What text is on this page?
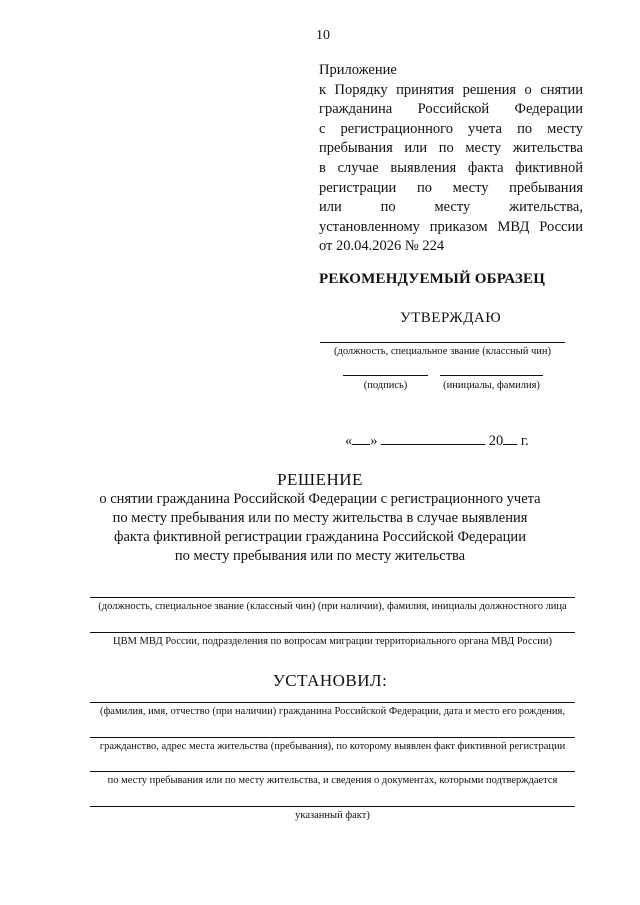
10
Приложение
к Порядку принятия решения о снятии
гражданина Российской Федерации
с регистрационного учета по месту
пребывания или по месту жительства
в случае выявления факта фиктивной
регистрации по месту пребывания
или по месту жительства,
установленному приказом МВД России
от 20.04.2026 № 224
РЕКОМЕНДУЕМЫЙ ОБРАЗЕЦ
УТВЕРЖДАЮ
(должность, специальное звание (классный чин)
(подпись)	(инициалы, фамилия)
« »	20 г.
РЕШЕНИЕ
о снятии гражданина Российской Федерации с регистрационного учета
по месту пребывания или по месту жительства в случае выявления
факта фиктивной регистрации гражданина Российской Федерации
по месту пребывания или по месту жительства
(должность, специальное звание (классный чин) (при наличии), фамилия, инициалы должностного лица
ЦВМ МВД России, подразделения по вопросам миграции территориального органа МВД России)
УСТАНОВИЛ:
(фамилия, имя, отчество (при наличии) гражданина Российской Федерации, дата и место его рождения,
гражданство, адрес места жительства (пребывания), по которому выявлен факт фиктивной регистрации
по месту пребывания или по месту жительства, и сведения о документах, которыми подтверждается
указанный факт)
